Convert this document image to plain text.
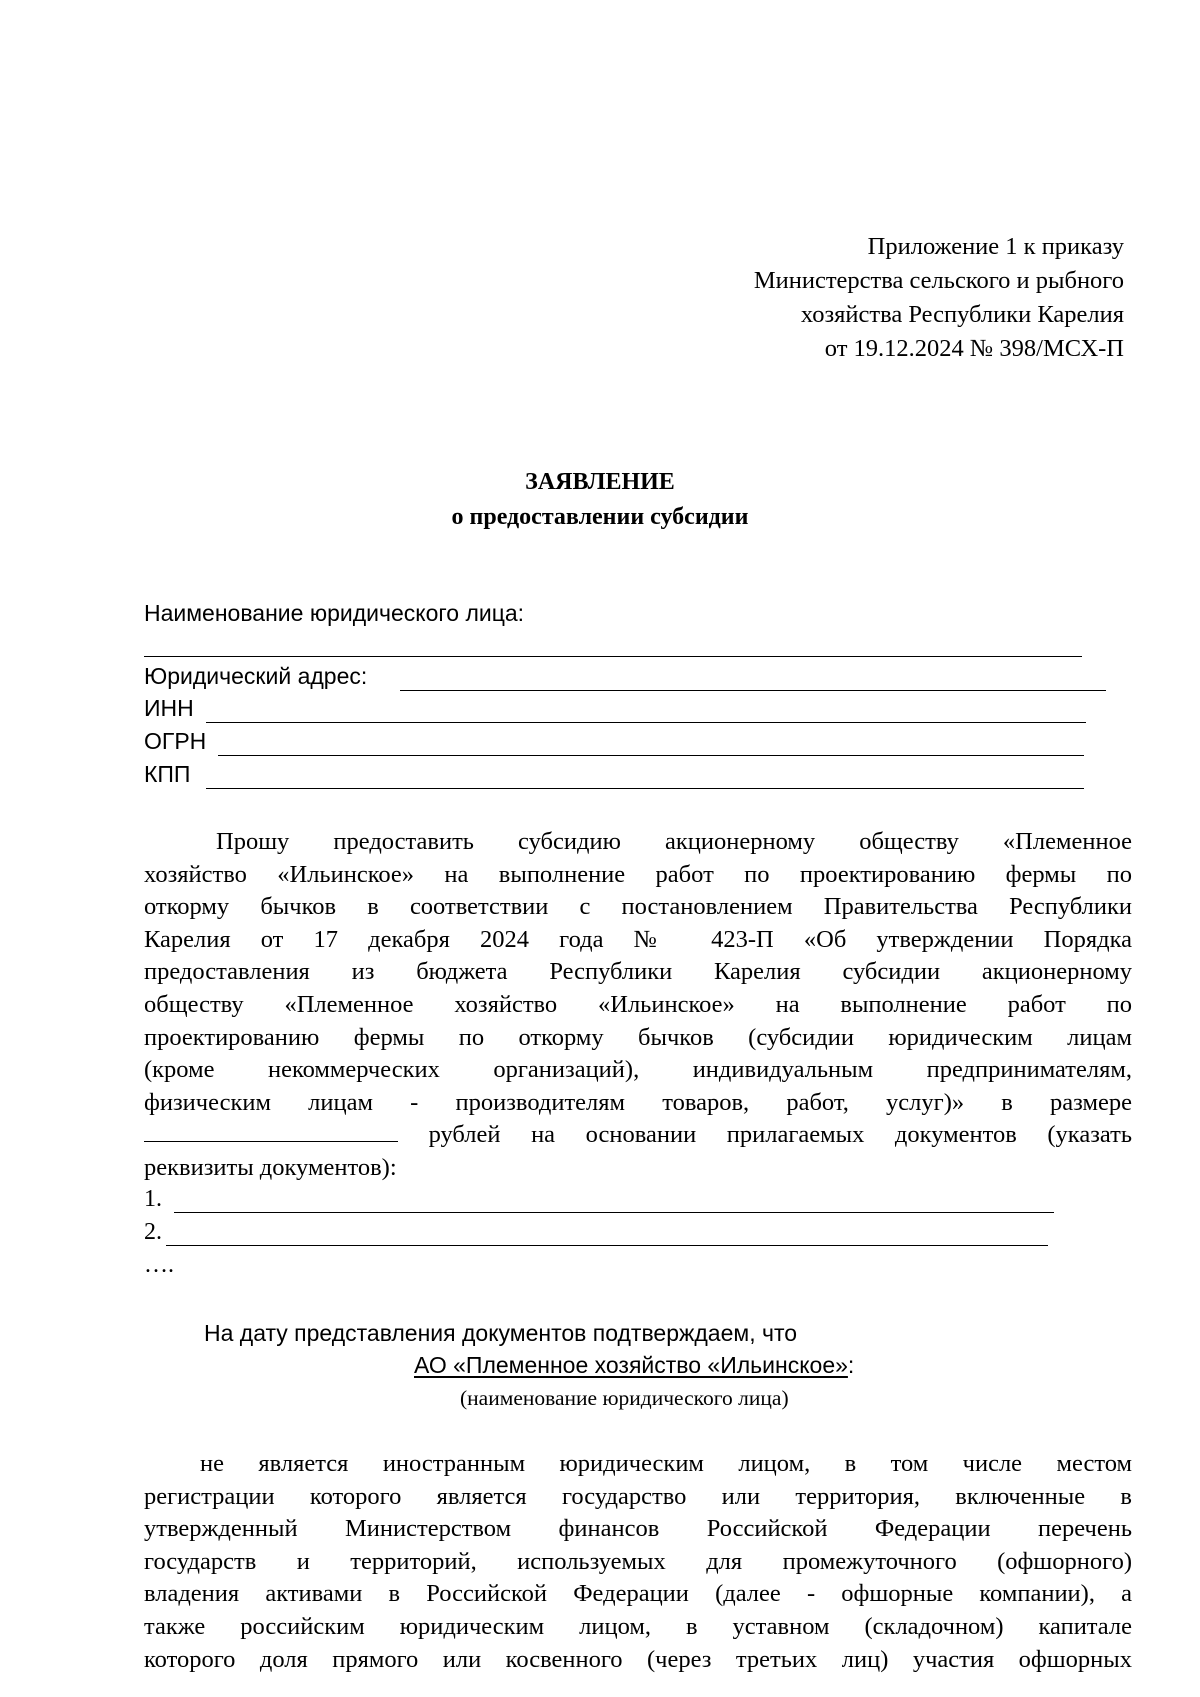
Приложение 1 к приказу
Министерства сельского и рыбного
хозяйства Республики Карелия
от 19.12.2024 № 398/МСХ-П
ЗАЯВЛЕНИЕ
о предоставлении субсидии
Наименование юридического лица:
Юридический адрес:
ИНН
ОГРН
КПП
Прошу предоставить субсидию акционерному обществу «Племенное
хозяйство «Ильинское» на выполнение работ по проектированию фермы по
откорму бычков в соответствии с постановлением Правительства Республики
Карелия от 17 декабря 2024 года № 423-П «Об утверждении Порядка
предоставления из бюджета Республики Карелия субсидии акционерному
обществу «Племенное хозяйство «Ильинское» на выполнение работ по
проектированию фермы по откорму бычков (субсидии юридическим лицам
(кроме некоммерческих организаций), индивидуальным предпринимателям,
физическим лицам - производителям товаров, работ, услуг)» в размере
рублей на основании прилагаемых документов (указать
реквизиты документов):
1.
2.
….
На дату представления документов подтверждаем, что
АО «Племенное хозяйство «Ильинское»:
(наименование юридического лица)
не является иностранным юридическим лицом, в том числе местом
регистрации которого является государство или территория, включенные в
утвержденный Министерством финансов Российской Федерации перечень
государств и территорий, используемых для промежуточного (офшорного)
владения активами в Российской Федерации (далее - офшорные компании), а
также российским юридическим лицом, в уставном (складочном) капитале
которого доля прямого или косвенного (через третьих лиц) участия офшорных
